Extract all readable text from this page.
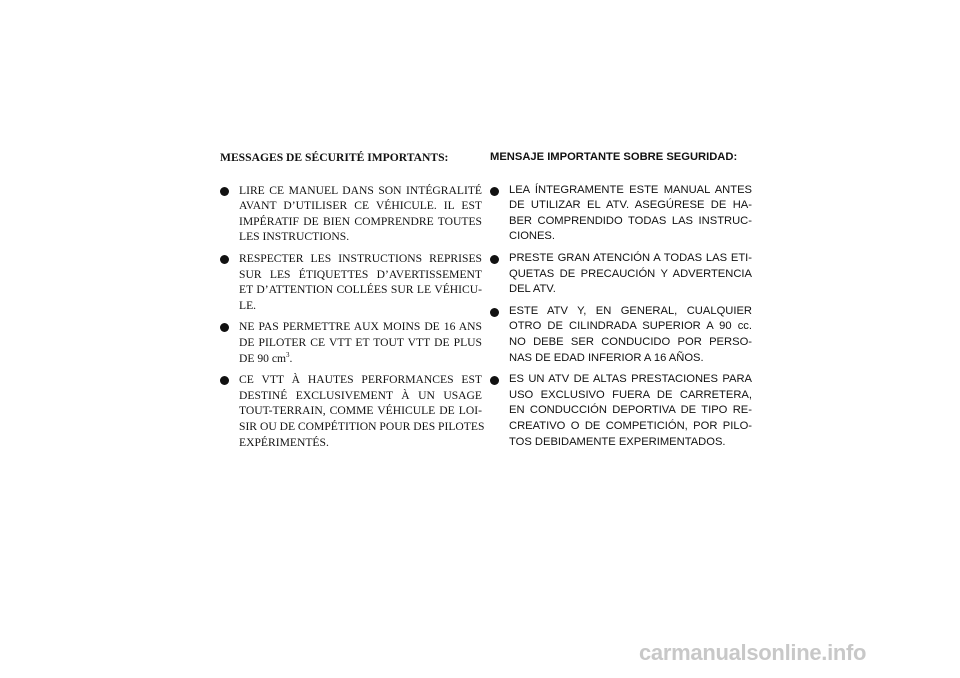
MESSAGES DE SÉCURITÉ IMPORTANTS:
LIRE CE MANUEL DANS SON INTÉGRALITÉ
AVANT D’UTILISER CE VÉHICULE. IL EST
IMPÉRATIF DE BIEN COMPRENDRE TOUTES
LES INSTRUCTIONS.
RESPECTER LES INSTRUCTIONS REPRISES
SUR LES ÉTIQUETTES D’AVERTISSEMENT
ET D’ATTENTION COLLÉES SUR LE VÉHICU-
LE.
NE PAS PERMETTRE AUX MOINS DE 16 ANS
DE PILOTER CE VTT ET TOUT VTT DE PLUS
DE 90 $cm^3$.
CE VTT À HAUTES PERFORMANCES EST
DESTINÉ EXCLUSIVEMENT À UN USAGE
TOUT-TERRAIN, COMME VÉHICULE DE LOI-
SIR OU DE COMPÉTITION POUR DES PILOTES
EXPÉRIMENTÉS.
MENSAJE IMPORTANTE SOBRE SEGURIDAD:
LEA ÍNTEGRAMENTE ESTE MANUAL ANTES
DE UTILIZAR EL ATV. ASEGÚRESE DE HA-
BER COMPRENDIDO TODAS LAS INSTRUC-
CIONES.
PRESTE GRAN ATENCIÓN A TODAS LAS ETI-
QUETAS DE PRECAUCIÓN Y ADVERTENCIA
DEL ATV.
ESTE ATV Y, EN GENERAL, CUALQUIER
OTRO DE CILINDRADA SUPERIOR A 90 cc.
NO DEBE SER CONDUCIDO POR PERSO-
NAS DE EDAD INFERIOR A 16 AÑOS.
ES UN ATV DE ALTAS PRESTACIONES PARA
USO EXCLUSIVO FUERA DE CARRETERA,
EN CONDUCCIÓN DEPORTIVA DE TIPO RE-
CREATIVO O DE COMPETICIÓN, POR PILO-
TOS DEBIDAMENTE EXPERIMENTADOS.
carmanualsonline.info
